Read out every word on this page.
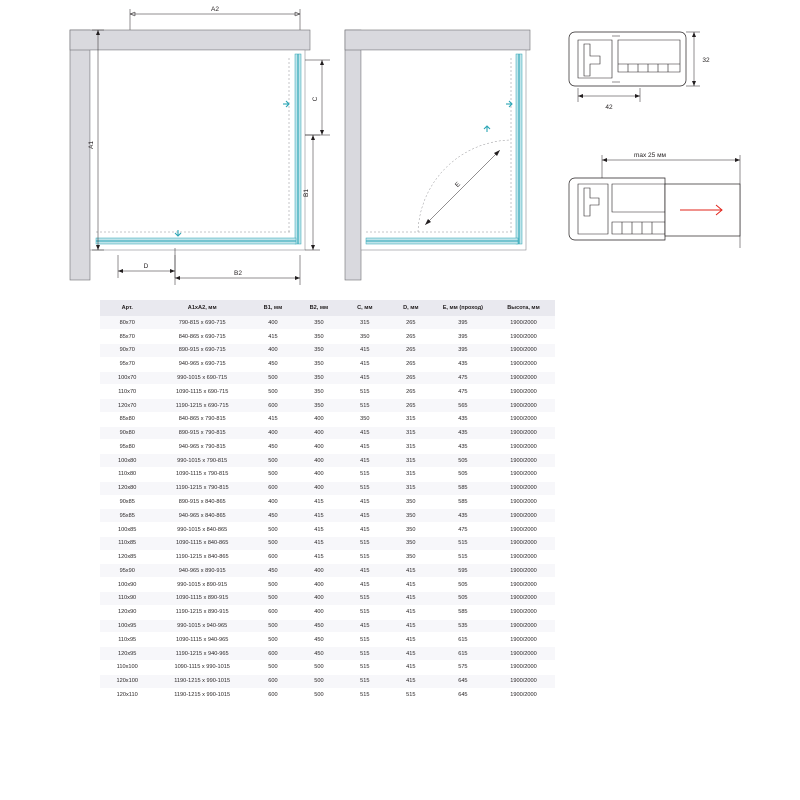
A2
A1
C
B1
D
B2
E
32
42
max 25 мм
Арт.	А1хА2, мм	В1, мм	В2, мм	С, мм	D, мм	Е, мм (проход)	Высота, мм
80х70	790-815 х 690-715	400	350	315	265	395	1900/2000
85х70	840-865 х 690-715	415	350	350	265	395	1900/2000
90х70	890-915 х 690-715	400	350	415	265	395	1900/2000
95х70	940-965 х 690-715	450	350	415	265	435	1900/2000
100х70	990-1015 х 690-715	500	350	415	265	475	1900/2000
110х70	1090-1115 х 690-715	500	350	515	265	475	1900/2000
120х70	1190-1215 х 690-715	600	350	515	265	565	1900/2000
85х80	840-865 х 790-815	415	400	350	315	435	1900/2000
90х80	890-915 х 790-815	400	400	415	315	435	1900/2000
95х80	940-965 х 790-815	450	400	415	315	435	1900/2000
100х80	990-1015 х 790-815	500	400	415	315	505	1900/2000
110х80	1090-1115 х 790-815	500	400	515	315	505	1900/2000
120х80	1190-1215 х 790-815	600	400	515	315	585	1900/2000
90х85	890-915 х 840-865	400	415	415	350	585	1900/2000
95х85	940-965 х 840-865	450	415	415	350	435	1900/2000
100х85	990-1015 х 840-865	500	415	415	350	475	1900/2000
110х85	1090-1115 х 840-865	500	415	515	350	515	1900/2000
120х85	1190-1215 х 840-865	600	415	515	350	515	1900/2000
95х90	940-965 х 890-915	450	400	415	415	595	1900/2000
100х90	990-1015 х 890-915	500	400	415	415	505	1900/2000
110х90	1090-1115 х 890-915	500	400	515	415	505	1900/2000
120х90	1190-1215 х 890-915	600	400	515	415	585	1900/2000
100х95	990-1015 х 940-965	500	450	415	415	535	1900/2000
110х95	1090-1115 х 940-965	500	450	515	415	615	1900/2000
120х95	1190-1215 х 940-965	600	450	515	415	615	1900/2000
110х100	1090-1115 х 990-1015	500	500	515	415	575	1900/2000
120х100	1190-1215 х 990-1015	600	500	515	415	645	1900/2000
120х110	1190-1215 х 990-1015	600	500	515	515	645	1900/2000
